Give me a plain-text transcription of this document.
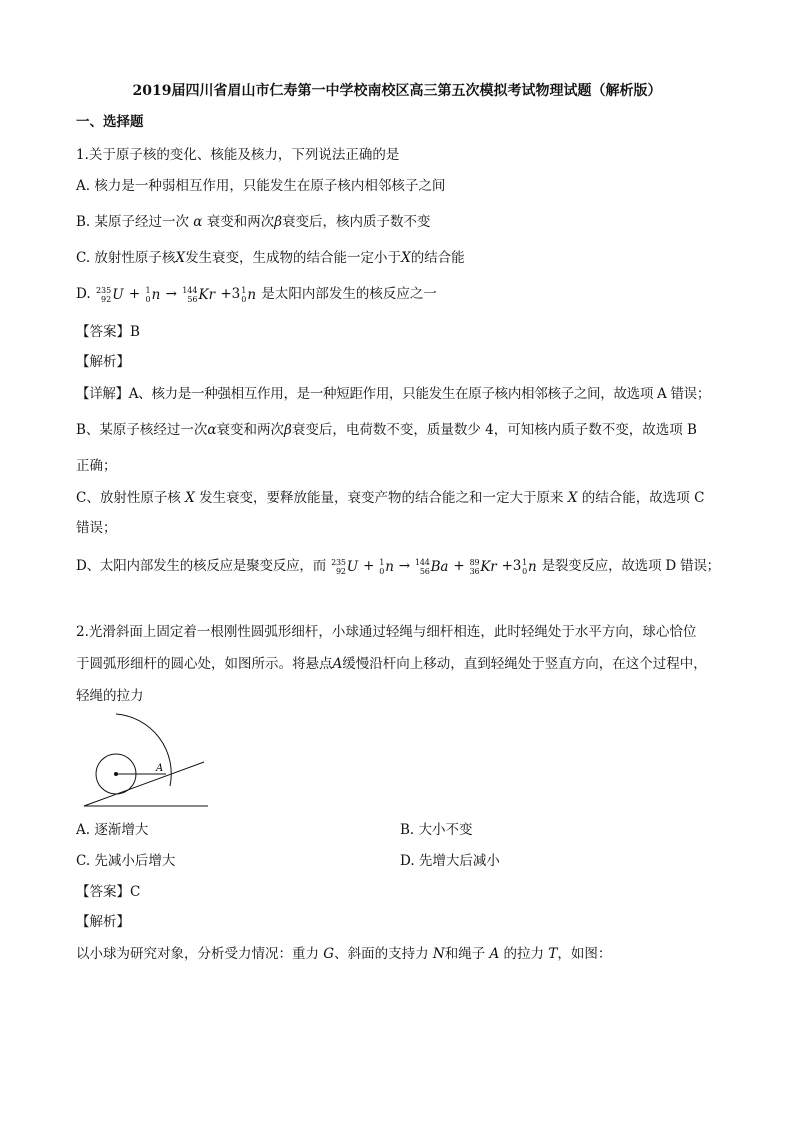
2019届四川省眉山市仁寿第一中学校南校区高三第五次模拟考试物理试题（解析版）
一、选择题
1.关于原子核的变化、核能及核力，下列说法正确的是
A. 核力是一种弱相互作用，只能发生在原子核内相邻核子之间
B. 某原子经过一次 α 衰变和两次β衰变后，核内质子数不变
C. 放射性原子核X发生衰变，生成物的结合能一定小于X的结合能
D. 235
92 U + 1
0 n → 144
56 Kr +3 1
0 n 是太阳内部发生的核反应之一
【答案】B
【解析】
【详解】A、核力是一种强相互作用，是一种短距作用，只能发生在原子核内相邻核子之间，故选项 A 错误；
B、某原子核经过一次α衰变和两次β衰变后，电荷数不变，质量数少 4，可知核内质子数不变，故选项 B
正确；
C、放射性原子核 X 发生衰变，要释放能量，衰变产物的结合能之和一定大于原来 X 的结合能，故选项 C
错误；
D、太阳内部发生的核反应是聚变反应，而 235
92 U + 1
0 n → 144
56 Ba + 89
36 Kr +3 1
0 n 是裂变反应，故选项 D 错误；
2.光滑斜面上固定着一根刚性圆弧形细杆，小球通过轻绳与细杆相连，此时轻绳处于水平方向，球心恰位
于圆弧形细杆的圆心处，如图所示。将悬点A缓慢沿杆向上移动，直到轻绳处于竖直方向，在这个过程中，
轻绳的拉力
A
A. 逐渐增大	B. 大小不变
C. 先减小后增大	D. 先增大后减小
【答案】C
【解析】
以小球为研究对象，分析受力情况：重力 G、斜面的支持力 N和绳子 A 的拉力 T，如图：
